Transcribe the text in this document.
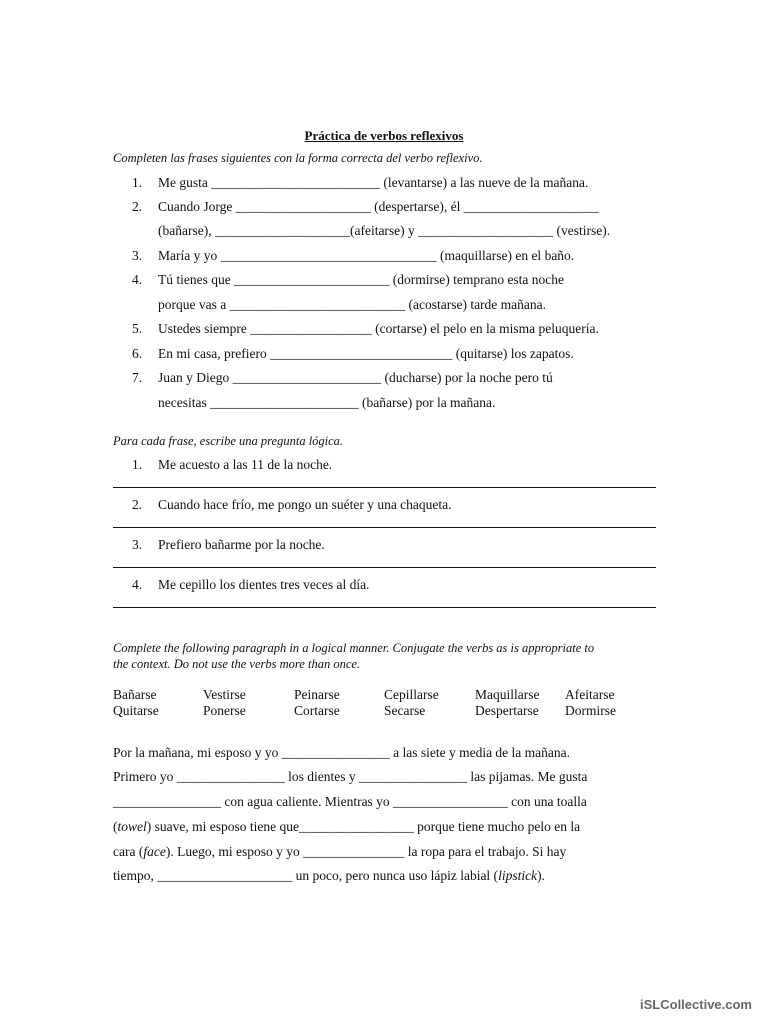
Práctica de verbos reflexivos
Completen las frases siguientes con la forma correcta del verbo reflexivo.
1. Me gusta _________________________ (levantarse) a las nueve de la mañana.
2. Cuando Jorge ____________________ (despertarse), él ____________________
(bañarse), ____________________(afeitarse) y ____________________ (vestirse).
3. María y yo ________________________________ (maquillarse) en el baño.
4. Tú tienes que _______________________ (dormirse) temprano esta noche
porque vas a __________________________ (acostarse) tarde mañana.
5. Ustedes siempre __________________ (cortarse) el pelo en la misma peluquería.
6. En mi casa, prefiero ___________________________ (quitarse) los zapatos.
7. Juan y Diego ______________________ (ducharse) por la noche pero tú
necesitas ______________________ (bañarse) por la mañana.
Para cada frase, escribe una pregunta lógica.
1. Me acuesto a las 11 de la noche.
2. Cuando hace frío, me pongo un suéter y una chaqueta.
3. Prefiero bañarme por la noche.
4. Me cepillo los dientes tres veces al día.
Complete the following paragraph in a logical manner. Conjugate the verbs as is appropriate to
the context. Do not use the verbs more than once.
Bañarse	Vestirse	Peinarse	Cepillarse	Maquillarse Afeitarse
Quitarse	Ponerse	Cortarse	Secarse	Despertarse Dormirse
Por la mañana, mi esposo y yo ________________ a las siete y media de la mañana.
Primero yo ________________ los dientes y ________________ las pijamas. Me gusta
________________ con agua caliente. Mientras yo _________________ con una toalla
(towel) suave, mi esposo tiene que_________________ porque tiene mucho pelo en la
cara (face). Luego, mi esposo y yo _______________ la ropa para el trabajo. Si hay
tiempo, ____________________ un poco, pero nunca uso lápiz labial (lipstick).
iSLCollective.com
